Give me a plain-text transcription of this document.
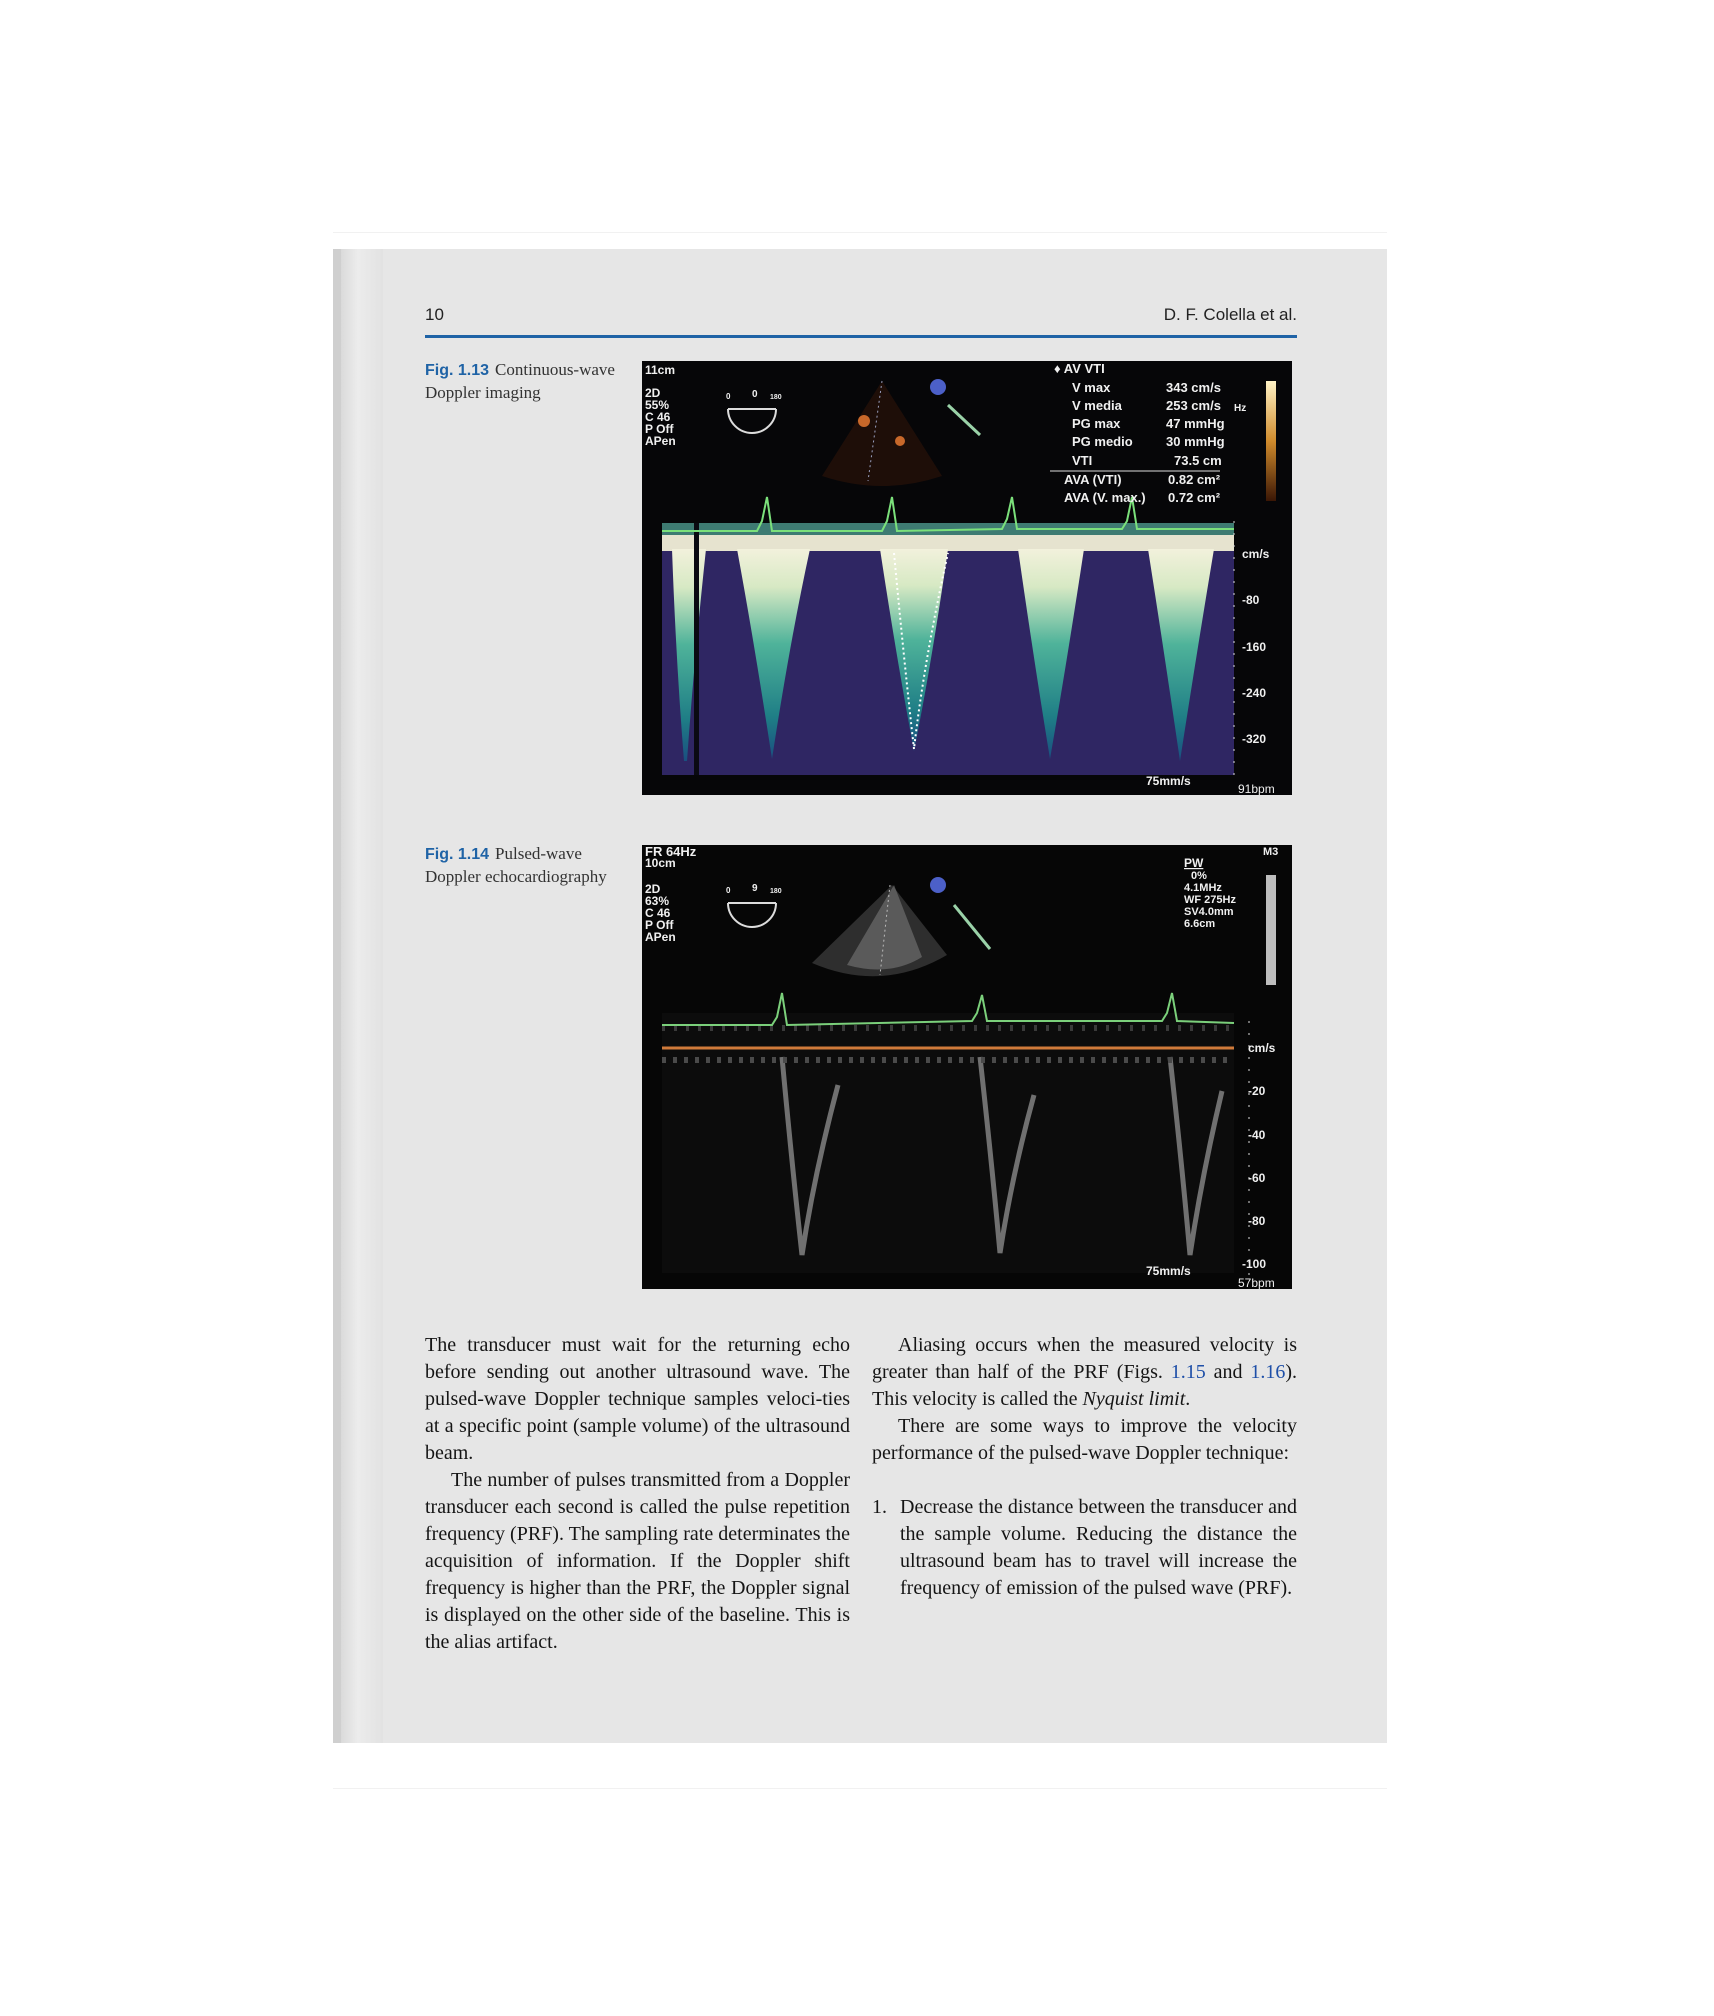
10	D. F. Colella et al.
Fig. 1.13 Continuous-wave Doppler imaging
11cm
2D
55%
C 46
P Off
APen
0 0 180
♦ AV VTI
V max	343 cm/s
V media	253 cm/s Hz
PG max	47 mmHg
PG medio	30 mmHg
VTI	73.5 cm
AVA (VTI)	0.82 cm²
AVA (V. max.) 0.72 cm²
cm/s
-80
-160
-240
-320
75mm/s
91bpm
Fig. 1.14 Pulsed-wave Doppler echocardiography
FR 64Hz
10cm
2D
63%
C 46
P Off
APen
0 9 180
M3
PW
0%
4.1MHz
WF 275Hz
SV4.0mm
6.6cm
cm/s
-20
-40
-60
-80
-100
75mm/s
57bpm

The transducer must wait for the returning echo before sending out another ultrasound wave. The pulsed-wave Doppler technique samples veloci-ties at a specific point (sample volume) of the ultrasound beam.

The number of pulses transmitted from a Doppler transducer each second is called the pulse repetition frequency (PRF). The sampling rate determinates the acquisition of information. If the Doppler shift frequency is higher than the PRF, the Doppler signal is displayed on the other side of the baseline. This is the alias artifact.

Aliasing occurs when the measured velocity is greater than half of the PRF (Figs. 1.15 and 1.16). This velocity is called the Nyquist limit.

There are some ways to improve the velocity performance of the pulsed-wave Doppler technique:

1. Decrease the distance between the transducer and the sample volume. Reducing the distance the ultrasound beam has to travel will increase the frequency of emission of the pulsed wave (PRF).
